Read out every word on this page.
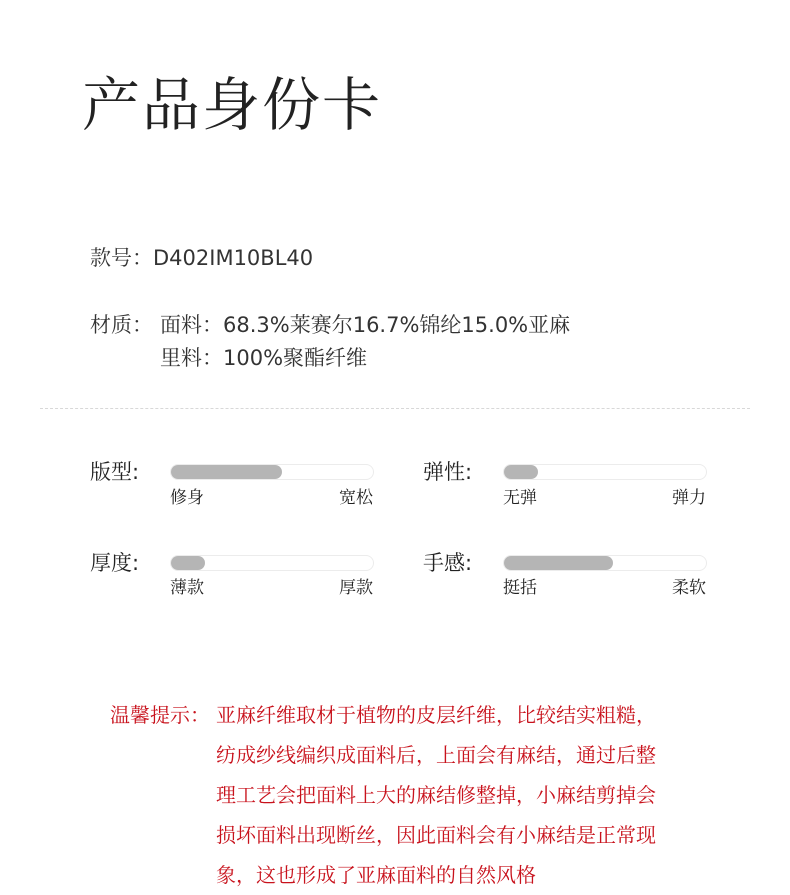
产品身份卡
款号：D402IM10BL40
材质： 面料：68.3%莱赛尔16.7%锦纶15.0%亚麻
里料：100%聚酯纤维
版型:
修身	宽松
弹性:
无弹	弹力
厚度:
薄款	厚款
手感:
挺括	柔软
温馨提示： 亚麻纤维取材于植物的皮层纤维，比较结实粗糙，
纺成纱线编织成面料后，上面会有麻结，通过后整
理工艺会把面料上大的麻结修整掉，小麻结剪掉会
损坏面料出现断丝，因此面料会有小麻结是正常现
象，这也形成了亚麻面料的自然风格
